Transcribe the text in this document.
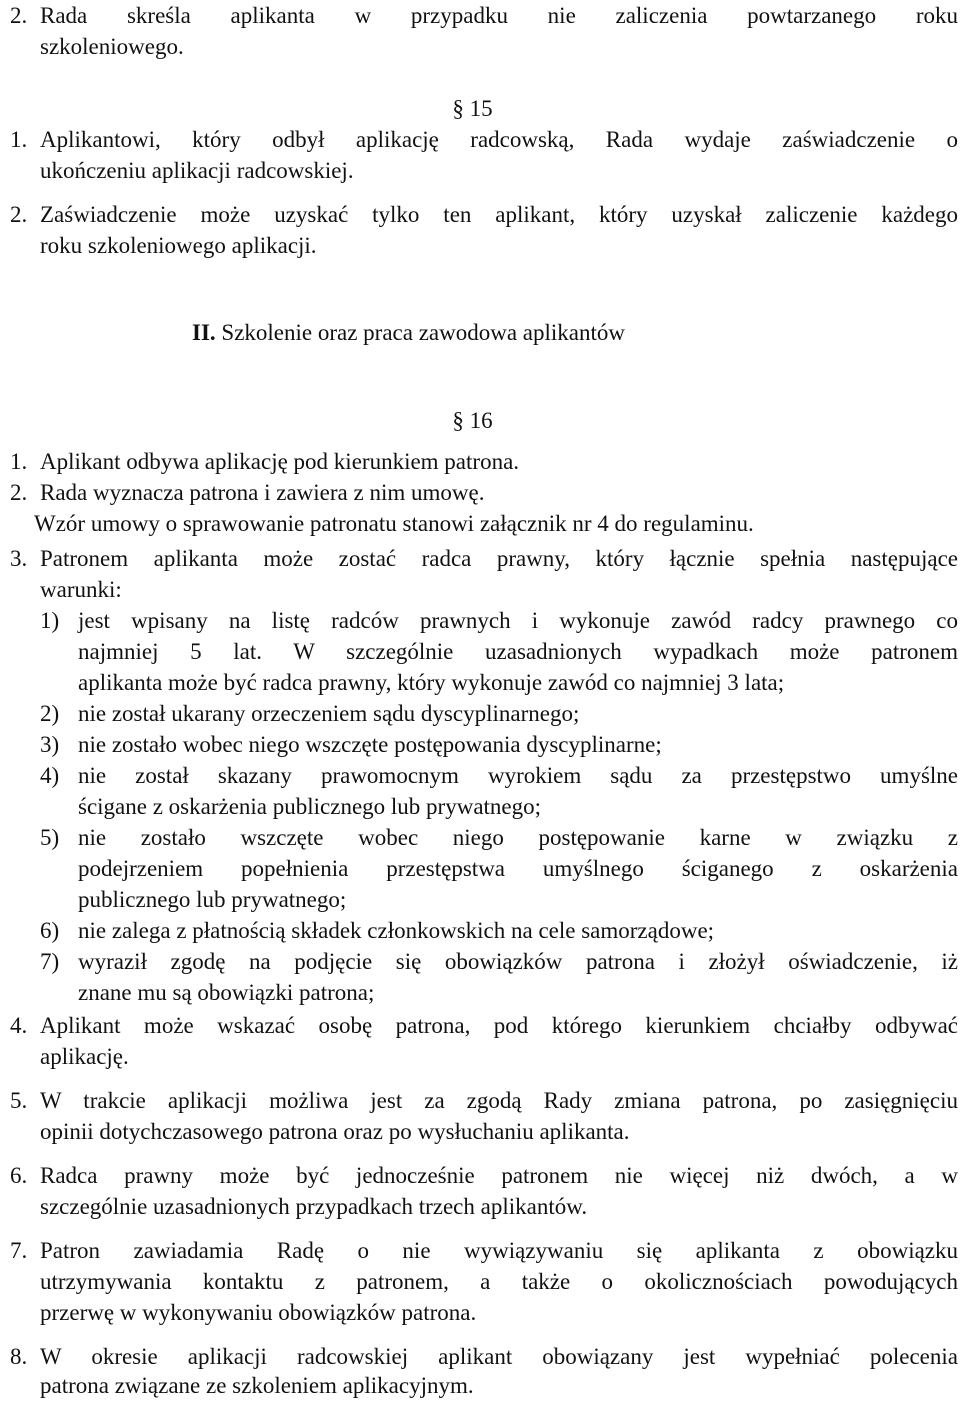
2. Rada skreśla aplikanta w przypadku nie zaliczenia powtarzanego roku
szkoleniowego.
§ 15
1. Aplikantowi, który odbył aplikację radcowską, Rada wydaje zaświadczenie o
ukończeniu aplikacji radcowskiej.
2. Zaświadczenie może uzyskać tylko ten aplikant, który uzyskał zaliczenie każdego
roku szkoleniowego aplikacji.
II. Szkolenie oraz praca zawodowa aplikantów
§ 16
1. Aplikant odbywa aplikację pod kierunkiem patrona.
2. Rada wyznacza patrona i zawiera z nim umowę.
Wzór umowy o sprawowanie patronatu stanowi załącznik nr 4 do regulaminu.
3. Patronem aplikanta może zostać radca prawny, który łącznie spełnia następujące
warunki:
1) jest wpisany na listę radców prawnych i wykonuje zawód radcy prawnego co
najmniej 5 lat. W szczególnie uzasadnionych wypadkach może patronem
aplikanta może być radca prawny, który wykonuje zawód co najmniej 3 lata;
2) nie został ukarany orzeczeniem sądu dyscyplinarnego;
3) nie zostało wobec niego wszczęte postępowania dyscyplinarne;
4) nie został skazany prawomocnym wyrokiem sądu za przestępstwo umyślne
ścigane z oskarżenia publicznego lub prywatnego;
5) nie zostało wszczęte wobec niego postępowanie karne w związku z
podejrzeniem popełnienia przestępstwa umyślnego ściganego z oskarżenia
publicznego lub prywatnego;
6) nie zalega z płatnością składek członkowskich na cele samorządowe;
7) wyraził zgodę na podjęcie się obowiązków patrona i złożył oświadczenie, iż
znane mu są obowiązki patrona;
4. Aplikant może wskazać osobę patrona, pod którego kierunkiem chciałby odbywać
aplikację.
5. W trakcie aplikacji możliwa jest za zgodą Rady zmiana patrona, po zasięgnięciu
opinii dotychczasowego patrona oraz po wysłuchaniu aplikanta.
6. Radca prawny może być jednocześnie patronem nie więcej niż dwóch, a w
szczególnie uzasadnionych przypadkach trzech aplikantów.
7. Patron zawiadamia Radę o nie wywiązywaniu się aplikanta z obowiązku
utrzymywania kontaktu z patronem, a także o okolicznościach powodujących
przerwę w wykonywaniu obowiązków patrona.
8. W okresie aplikacji radcowskiej aplikant obowiązany jest wypełniać polecenia
patrona związane ze szkoleniem aplikacyjnym.
